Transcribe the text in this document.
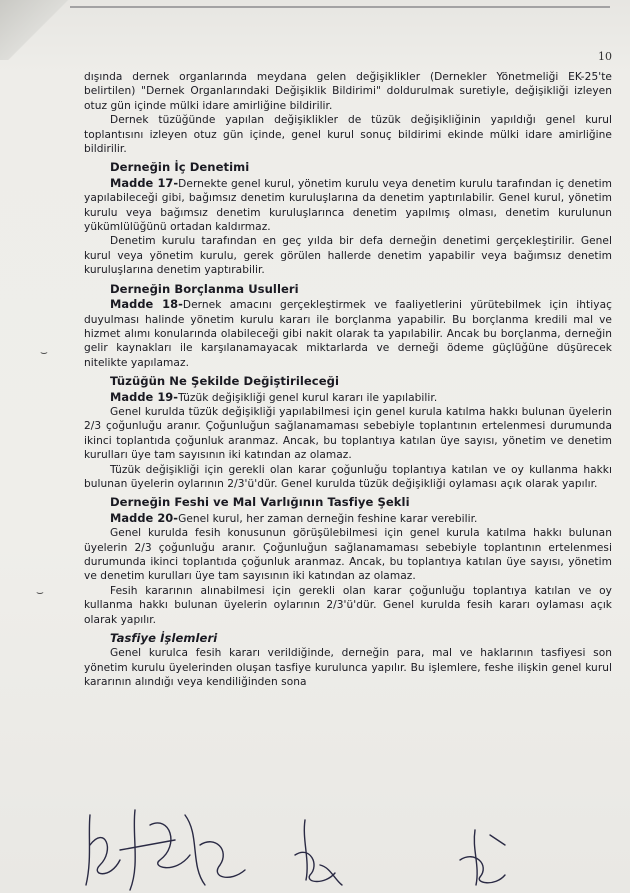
10
⌣
⌣

dışında dernek organlarında meydana gelen değişiklikler (Dernekler Yönetmeliği EK-25'te belirtilen) "Dernek Organlarındaki Değişiklik Bildirimi" doldurulmak suretiyle, değişikliği izleyen otuz gün içinde mülki idare amirliğine bildirilir.

Dernek tüzüğünde yapılan değişiklikler de tüzük değişikliğinin yapıldığı genel kurul toplantısını izleyen otuz gün içinde, genel kurul sonuç bildirimi ekinde mülki idare amirliğine bildirilir.

Derneğin İç Denetimi

Madde 17-Dernekte genel kurul, yönetim kurulu veya denetim kurulu tarafından iç denetim yapılabileceği gibi, bağımsız denetim kuruluşlarına da denetim yaptırılabilir. Genel kurul, yönetim kurulu veya bağımsız denetim kuruluşlarınca denetim yapılmış olması, denetim kurulunun yükümlülüğünü ortadan kaldırmaz.

Denetim kurulu tarafından en geç yılda bir defa derneğin denetimi gerçekleştirilir. Genel kurul veya yönetim kurulu, gerek görülen hallerde denetim yapabilir veya bağımsız denetim kuruluşlarına denetim yaptırabilir.

Derneğin Borçlanma Usulleri

Madde 18-Dernek amacını gerçekleştirmek ve faaliyetlerini yürütebilmek için ihtiyaç duyulması halinde yönetim kurulu kararı ile borçlanma yapabilir. Bu borçlanma kredili mal ve hizmet alımı konularında olabileceği gibi nakit olarak ta yapılabilir. Ancak bu borçlanma, derneğin gelir kaynakları ile karşılanamayacak miktarlarda ve derneği ödeme güçlüğüne düşürecek nitelikte yapılamaz.

Tüzüğün Ne Şekilde Değiştirileceği

Madde 19-Tüzük değişikliği genel kurul kararı ile yapılabilir.

Genel kurulda tüzük değişikliği yapılabilmesi için genel kurula katılma hakkı bulunan üyelerin 2/3 çoğunluğu aranır. Çoğunluğun sağlanamaması sebebiyle toplantının ertelenmesi durumunda ikinci toplantıda çoğunluk aranmaz. Ancak, bu toplantıya katılan üye sayısı, yönetim ve denetim kurulları üye tam sayısının iki katından az olamaz.

Tüzük değişikliği için gerekli olan karar çoğunluğu toplantıya katılan ve oy kullanma hakkı bulunan üyelerin oylarının 2/3'ü'dür. Genel kurulda tüzük değişikliği oylaması açık olarak yapılır.

Derneğin Feshi ve Mal Varlığının Tasfiye Şekli

Madde 20-Genel kurul, her zaman derneğin feshine karar verebilir.

Genel kurulda fesih konusunun görüşülebilmesi için genel kurula katılma hakkı bulunan üyelerin 2/3 çoğunluğu aranır. Çoğunluğun sağlanamaması sebebiyle toplantının ertelenmesi durumunda ikinci toplantıda çoğunluk aranmaz. Ancak, bu toplantıya katılan üye sayısı, yönetim ve denetim kurulları üye tam sayısının iki katından az olamaz.

Fesih kararının alınabilmesi için gerekli olan karar çoğunluğu toplantıya katılan ve oy kullanma hakkı bulunan üyelerin oylarının 2/3'ü'dür. Genel kurulda fesih kararı oylaması açık olarak yapılır.

Tasfiye İşlemleri

Genel kurulca fesih kararı verildiğinde, derneğin para, mal ve haklarının tasfiyesi son yönetim kurulu üyelerinden oluşan tasfiye kurulunca yapılır. Bu işlemlere, feshe ilişkin genel kurul kararının alındığı veya kendiliğinden sona
